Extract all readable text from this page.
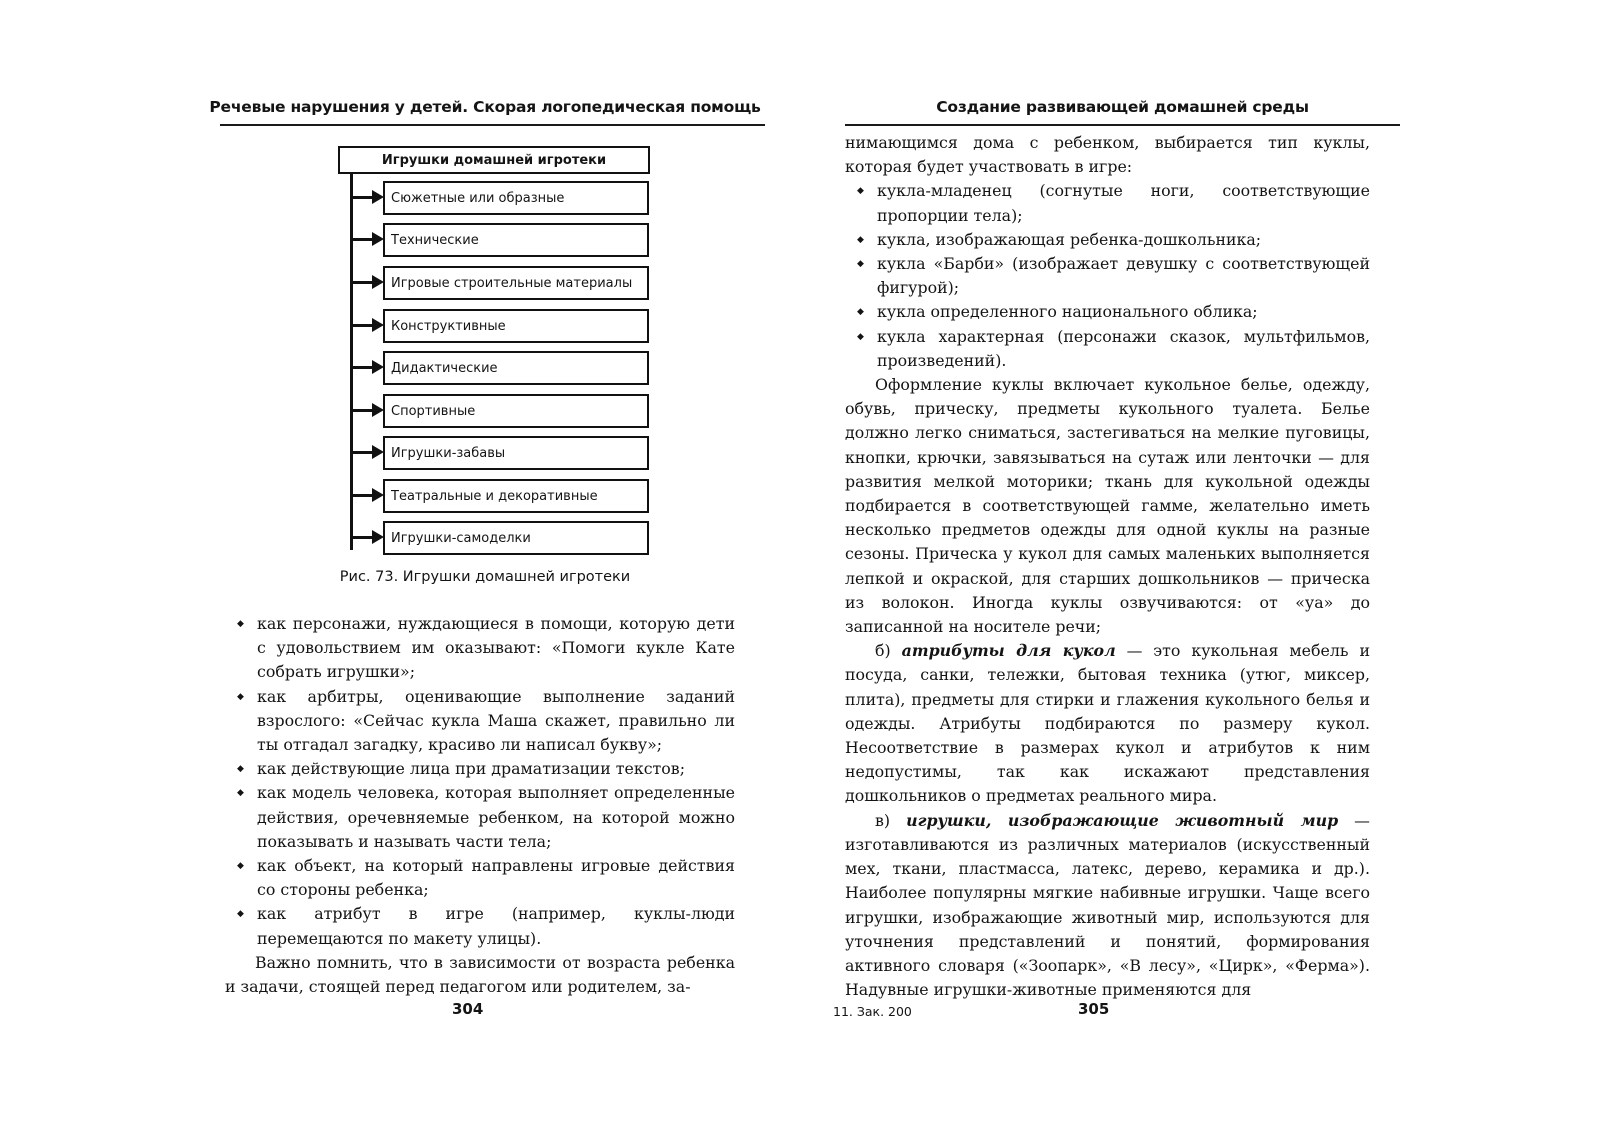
Речевые нарушения у детей. Скорая логопедическая помощь
Игрушки домашней игротеки
Сюжетные или образные
Технические
Игровые строительные материалы
Конструктивные
Дидактические
Спортивные
Игрушки-забавы
Театральные и декоративные
Игрушки-самоделки
Рис. 73. Игрушки домашней игротеки
◆ как персонажи, нуждающиеся в помощи, которую дети с удовольствием им оказывают: «Помоги кукле Кате собрать игрушки»;
◆ как арбитры, оценивающие выполнение заданий взрослого: «Сейчас кукла Маша скажет, правильно ли ты отгадал загадку, красиво ли написал букву»;
◆ как действующие лица при драматизации текстов;
◆ как модель человека, которая выполняет определенные действия, оречевняемые ребенком, на которой можно показывать и называть части тела;
◆ как объект, на который направлены игровые действия со стороны ребенка;
◆ как атрибут в игре (например, куклы-люди перемещаются по макету улицы).

Важно помнить, что в зависимости от возраста ребенка и задачи, стоящей перед педагогом или родителем, за-

304
Создание развивающей домашней среды

нимающимся дома с ребенком, выбирается тип куклы, которая будет участвовать в игре:

◆ кукла-младенец (согнутые ноги, соответствующие пропорции тела);
◆ кукла, изображающая ребенка-дошкольника;
◆ кукла «Барби» (изображает девушку с соответствующей фигурой);
◆ кукла определенного национального облика;
◆ кукла характерная (персонажи сказок, мультфильмов, произведений).

Оформление куклы включает кукольное белье, одежду, обувь, прическу, предметы кукольного туалета. Белье должно легко сниматься, застегиваться на мелкие пуговицы, кнопки, крючки, завязываться на сутаж или ленточки — для развития мелкой моторики; ткань для кукольной одежды подбирается в соответствующей гамме, желательно иметь несколько предметов одежды для одной куклы на разные сезоны. Прическа у кукол для самых маленьких выполняется лепкой и окраской, для старших дошкольников — прическа из волокон. Иногда куклы озвучиваются: от «уа» до записанной на носителе речи;

б) атрибуты для кукол — это кукольная мебель и посуда, санки, тележки, бытовая техника (утюг, миксер, плита), предметы для стирки и глажения кукольного белья и одежды. Атрибуты подбираются по размеру кукол. Несоответствие в размерах кукол и атрибутов к ним недопустимы, так как искажают представления дошкольников о предметах реального мира.

в) игрушки, изображающие животный мир — изготавливаются из различных материалов (искусственный мех, ткани, пластмасса, латекс, дерево, керамика и др.). Наиболее популярны мягкие набивные игрушки. Чаще всего игрушки, изображающие животный мир, используются для уточнения представлений и понятий, формирования активного словаря («Зоопарк», «В лесу», «Цирк», «Ферма»). Надувные игрушки-животные применяются для

11. Зак. 200	305
